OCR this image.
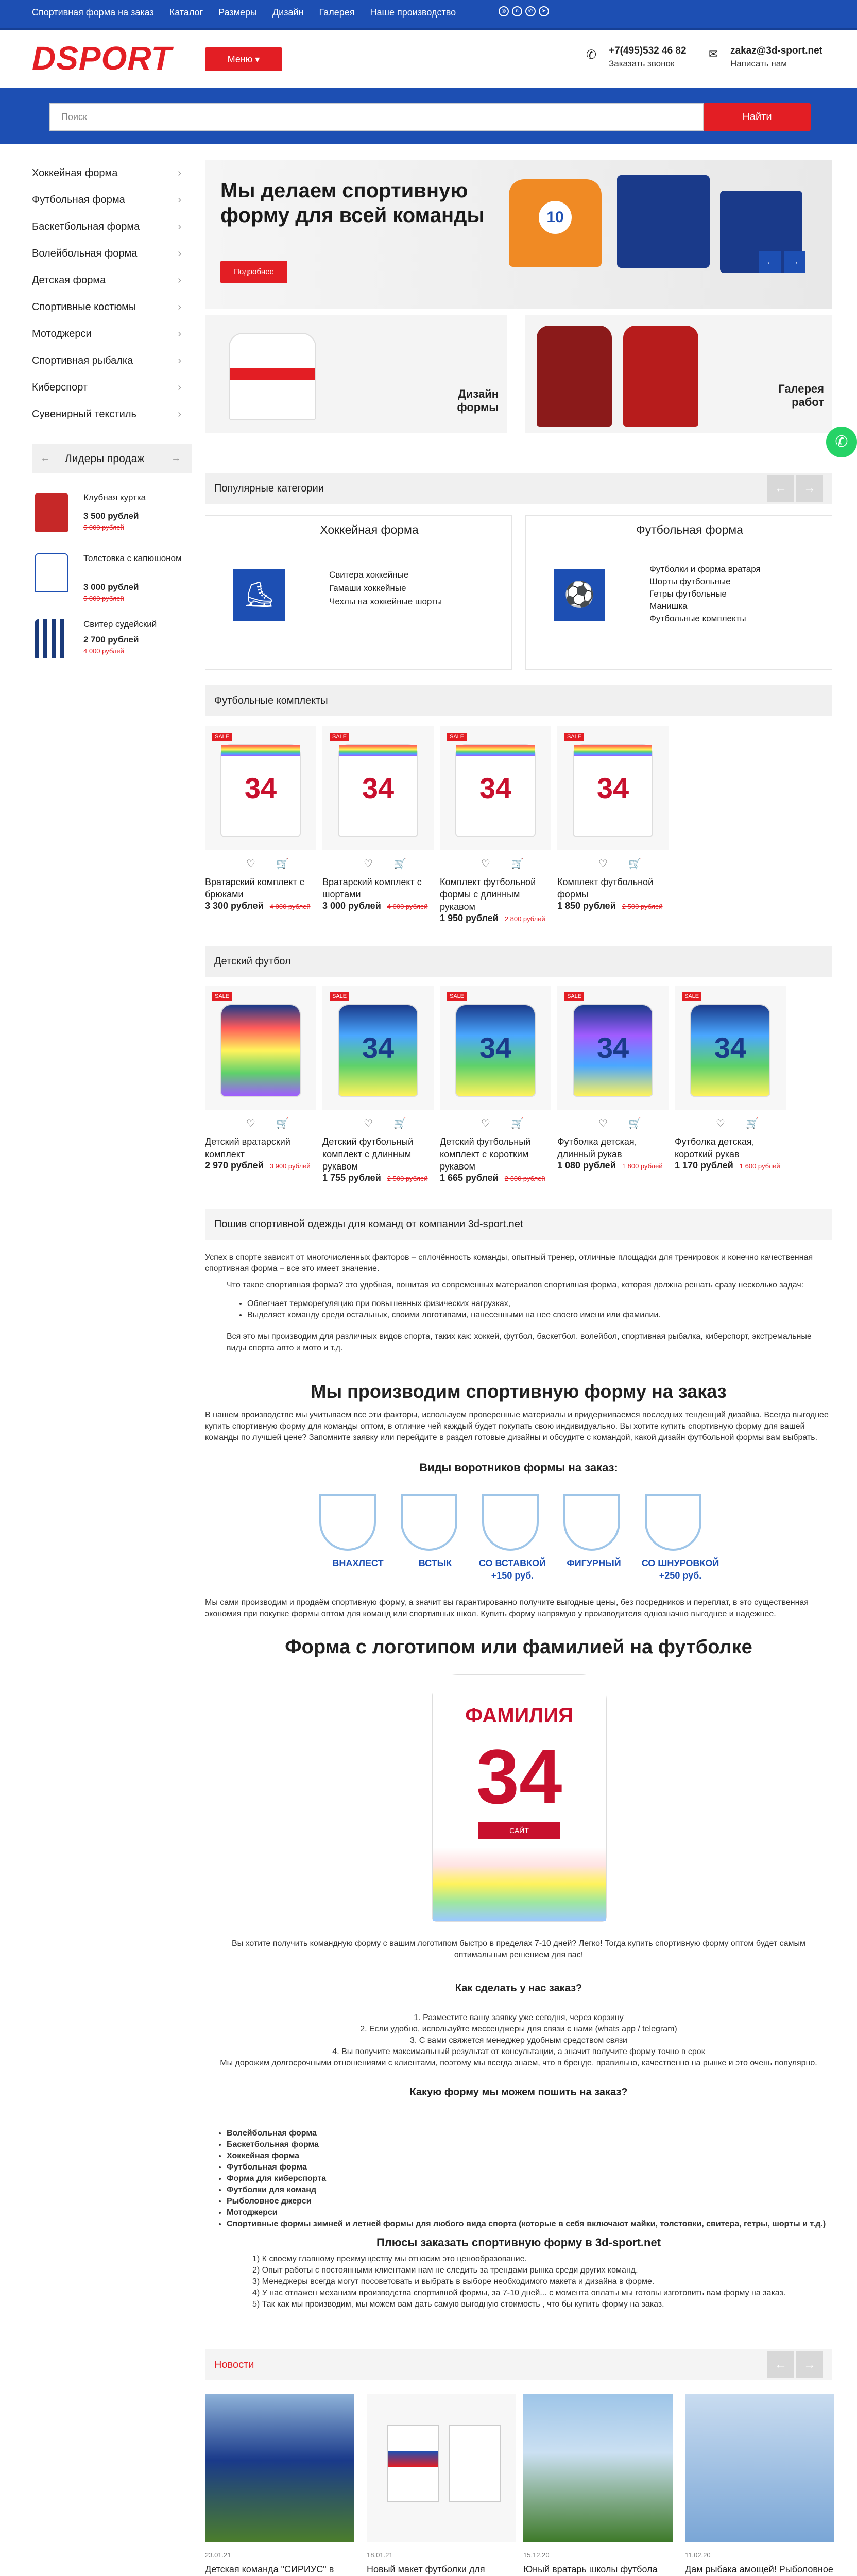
Спортивная форма на заказ Каталог Размеры Дизайн Галерея Наше производство	◎	в	✆	➤
DSPORT	Меню ▾	✆ +7(495)532 46 82
Заказать звонок
✉ zakaz@3d-sport.net
Написать нам
Поиск	Найти
Хоккейная форма	›
Футбольная форма	›
Баскетбольная форма	›
Волейбольная форма	›
Детская форма	›
Спортивные костюмы	›
Мотоджерси	›
Спортивная рыбалка	›
Киберспорт	›
Сувенирный текстиль	›
← Лидеры продаж	→
Клубная куртка
3 500 рублей
5 000 рублей
Толстовка с капюшоном
3 000 рублей
5 000 рублей
Свитер судейский
2 700 рублей
4 000 рублей
Мы делаем спортивную форму для всей команды
Подробнее
10
←	→
Дизайн формы
Галерея работ
✆
Популярные категории	←	→
Хоккейная форма
⛸
Свитера хоккейные
Гамаши хоккейные
Чехлы на хоккейные шорты
Футбольная форма
⚽
Футболки и форма вратаря
Шорты футбольные
Гетры футбольные
Манишка
Футбольные комплекты
Футбольные комплекты
SALE
34
♡ 🛒
Вратарский комплект с брюками
3 300 рублей 4 000 рублей
SALE
34
♡ 🛒
Вратарский комплект с шортами
3 000 рублей 4 000 рублей
SALE
34
♡ 🛒
Комплект футбольной формы с длинным рукавом
1 950 рублей 2 800 рублей
SALE
34
♡ 🛒
Комплект футбольной формы
1 850 рублей 2 500 рублей
Детский футбол
SALE
♡ 🛒
Детский вратарский комплект
2 970 рублей 3 900 рублей
SALE
34
♡ 🛒
Детский футбольный комплект с длинным рукавом
1 755 рублей 2 500 рублей
SALE
34
♡ 🛒
Детский футбольный комплект с коротким рукавом
1 665 рублей 2 300 рублей
SALE
34
♡ 🛒
Футболка детская, длинный рукав
1 080 рублей 1 800 рублей
SALE
34
♡ 🛒
Футболка детская, короткий рукав
1 170 рублей 1 600 рублей
Пошив спортивной одежды для команд от компании 3d-sport.net
Успех в спорте зависит от многочисленных факторов – сплочённость команды, опытный тренер, отличные площадки для тренировок и конечно качественная спортивная форма – все это имеет значение.
Что такое спортивная форма? это удобная, пошитая из современных материалов спортивная форма, которая должна решать сразу несколько задач:
• Облегчает терморегуляцию при повышенных физических нагрузках,
• Выделяет команду среди остальных, своими логотипами, нанесенными на нее своего имени или фамилии.
Вся это мы производим для различных видов спорта, таких как: хоккей, футбол, баскетбол, волейбол, спортивная рыбалка, киберспорт, экстремальные виды спорта авто и мото и т.д.
Мы производим спортивную форму на заказ
В нашем производстве мы учитываем все эти факторы, используем проверенные материалы и придерживаемся последних тенденций дизайна. Всегда выгоднее купить спортивную форму для команды оптом, в отличие чей каждый будет покупать свою индивидуально. Вы хотите купить спортивную форму для вашей команды по лучшей цене? Запомните заявку или перейдите в раздел готовые дизайны и обсудите с командой, какой дизайн футбольной формы вам выбрать.
Виды воротников формы на заказ:
ВНАХЛЕСТ	ВСТЫК	СО ВСТАВКОЙ
+150 руб.
ФИГУРНЫЙ	СО ШНУРОВКОЙ
+250 руб.
Мы сами производим и продаём спортивную форму, а значит вы гарантированно получите выгодные цены, без посредников и переплат, в это существенная экономия при покупке формы оптом для команд или спортивных школ. Купить форму напрямую у производителя однозначно выгоднее и надежнее.
Форма с логотипом или фамилией на футболке
ФАМИЛИЯ
34
САЙТ
Вы хотите получить командную форму с вашим логотипом быстро в пределах 7-10 дней? Легко! Тогда купить спортивную форму оптом будет самым оптимальным решением для вас!
Как сделать у нас заказ?
1. Разместите вашу заявку уже сегодня, через корзину
2. Если удобно, используйте мессенджеры для связи с нами (whats app / telegram)
3. С вами свяжется менеджер удобным средством связи
4. Вы получите максимальный результат от консультации, а значит получите форму точно в срок
Мы дорожим долгосрочными отношениями с клиентами, поэтому мы всегда знаем, что в бренде, правильно, качественно на рынке и это очень популярно.
Какую форму мы можем пошить на заказ?
• Волейбольная форма
• Баскетбольная форма
• Хоккейная форма
• Футбольная форма
• Форма для киберспорта
• Футболки для команд
• Рыболовное джерси
• Мотоджерси
• Спортивные формы зимней и летней формы для любого вида спорта (которые в себя включают майки, толстовки, свитера, гетры, шорты и т.д.)
Плюсы заказать спортивную форму в 3d-sport.net
1) К своему главному преимуществу мы относим это ценообразование.
2) Опыт работы с постоянными клиентами нам не следить за трендами рынка среди других команд.
3) Менеджеры всегда могут посоветовать и выбрать в выборе необходимого макета и дизайна в форме.
4) У нас отлажен механизм производства спортивной формы, за 7-10 дней... с момента оплаты мы готовы изготовить вам форму на заказ.
5) Так как мы производим, мы можем вам дать самую выгодную стоимость , что бы купить форму на заказ.
Новости	←	→
23.01.21
Детская команда "СИРИУС" в
18.01.21
Новый макет футболки для
15.12.20
Юный вратарь школы футбола
11.02.20
Дам рыбака амощей! Рыболовное
